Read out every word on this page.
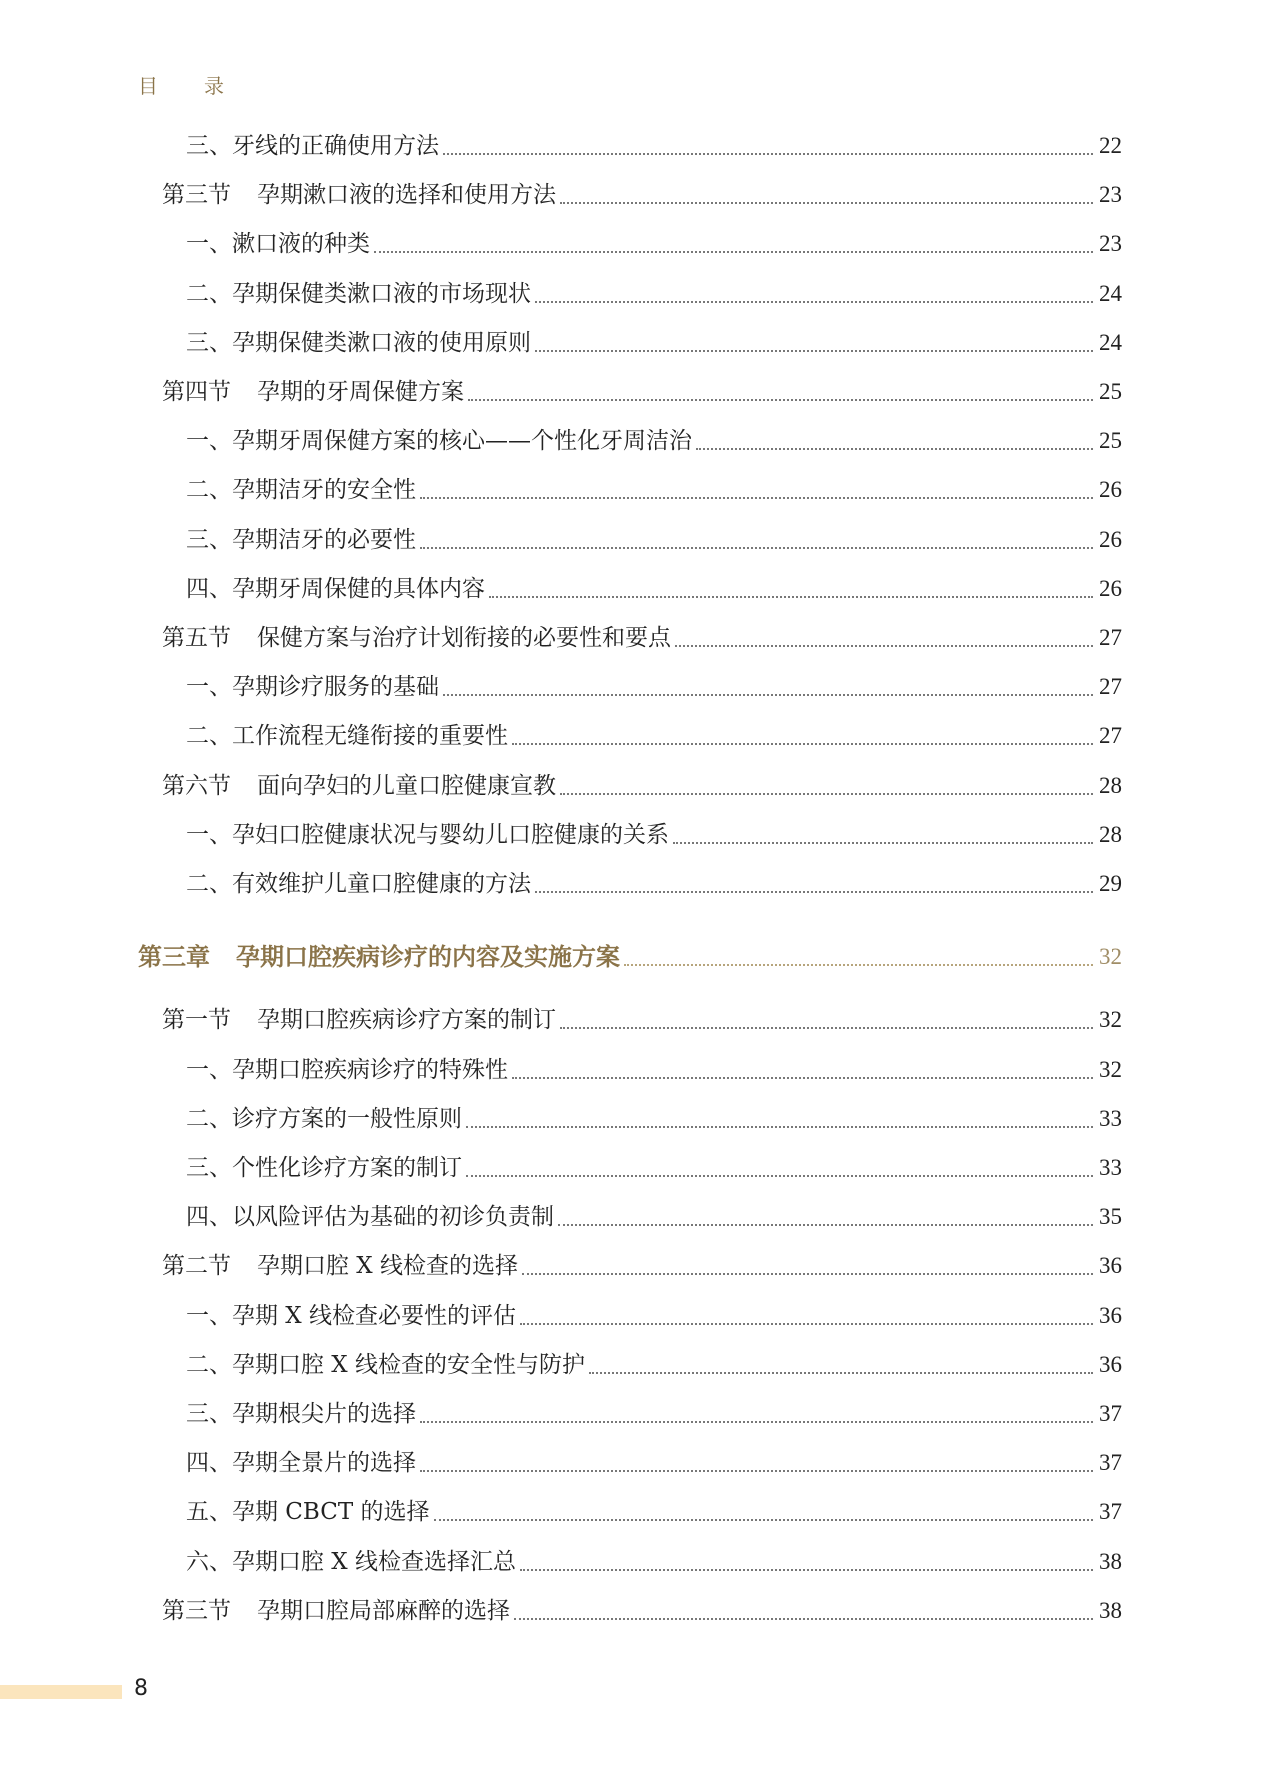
目 录
三、牙线的正确使用方法	22
第三节 孕期漱口液的选择和使用方法	23
一、漱口液的种类	23
二、孕期保健类漱口液的市场现状	24
三、孕期保健类漱口液的使用原则	24
第四节 孕期的牙周保健方案	25
一、孕期牙周保健方案的核心——个性化牙周洁治	25
二、孕期洁牙的安全性	26
三、孕期洁牙的必要性	26
四、孕期牙周保健的具体内容	26
第五节 保健方案与治疗计划衔接的必要性和要点	27
一、孕期诊疗服务的基础	27
二、工作流程无缝衔接的重要性	27
第六节 面向孕妇的儿童口腔健康宣教	28
一、孕妇口腔健康状况与婴幼儿口腔健康的关系	28
二、有效维护儿童口腔健康的方法	29
第三章 孕期口腔疾病诊疗的内容及实施方案	32
第一节 孕期口腔疾病诊疗方案的制订	32
一、孕期口腔疾病诊疗的特殊性	32
二、诊疗方案的一般性原则	33
三、个性化诊疗方案的制订	33
四、以风险评估为基础的初诊负责制	35
第二节 孕期口腔 X 线检查的选择	36
一、孕期 X 线检查必要性的评估	36
二、孕期口腔 X 线检查的安全性与防护	36
三、孕期根尖片的选择	37
四、孕期全景片的选择	37
五、孕期 CBCT 的选择	37
六、孕期口腔 X 线检查选择汇总	38
第三节 孕期口腔局部麻醉的选择	38
8
